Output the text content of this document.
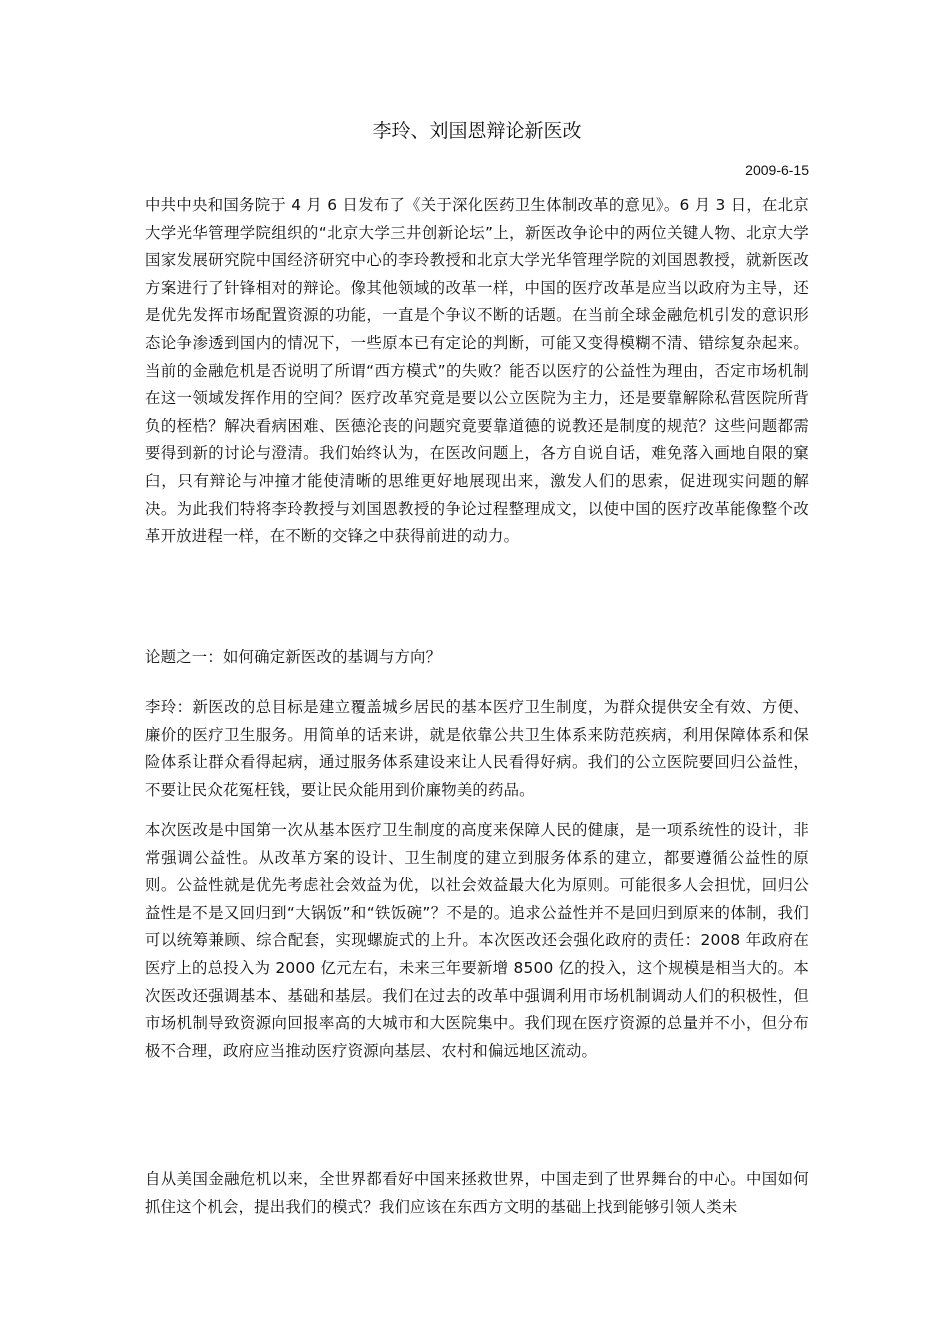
李玲、刘国恩辩论新医改
2009-6-15

中共中央和国务院于 4 月 6 日发布了《关于深化医药卫生体制改革的意见》。6 月 3 日，在北京大学光华管理学院组织的“北京大学三井创新论坛”上，新医改争论中的两位关键人物、北京大学国家发展研究院中国经济研究中心的李玲教授和北京大学光华管理学院的刘国恩教授，就新医改方案进行了针锋相对的辩论。像其他领域的改革一样，中国的医疗改革是应当以政府为主导，还是优先发挥市场配置资源的功能，一直是个争议不断的话题。在当前全球金融危机引发的意识形态论争渗透到国内的情况下，一些原本已有定论的判断，可能又变得模糊不清、错综复杂起来。当前的金融危机是否说明了所谓“西方模式”的失败？能否以医疗的公益性为理由，否定市场机制在这一领域发挥作用的空间？医疗改革究竟是要以公立医院为主力，还是要靠解除私营医院所背负的桎梏？解决看病困难、医德沦丧的问题究竟要靠道德的说教还是制度的规范？这些问题都需要得到新的讨论与澄清。我们始终认为，在医改问题上，各方自说自话，难免落入画地自限的窠臼，只有辩论与冲撞才能使清晰的思维更好地展现出来，激发人们的思索，促进现实问题的解决。为此我们特将李玲教授与刘国恩教授的争论过程整理成文，以使中国的医疗改革能像整个改革开放进程一样，在不断的交锋之中获得前进的动力。

论题之一：如何确定新医改的基调与方向？

李玲：新医改的总目标是建立覆盖城乡居民的基本医疗卫生制度，为群众提供安全有效、方便、廉价的医疗卫生服务。用简单的话来讲，就是依靠公共卫生体系来防范疾病，利用保障体系和保险体系让群众看得起病，通过服务体系建设来让人民看得好病。我们的公立医院要回归公益性，不要让民众花冤枉钱，要让民众能用到价廉物美的药品。

本次医改是中国第一次从基本医疗卫生制度的高度来保障人民的健康，是一项系统性的设计，非常强调公益性。从改革方案的设计、卫生制度的建立到服务体系的建立，都要遵循公益性的原则。公益性就是优先考虑社会效益为优，以社会效益最大化为原则。可能很多人会担忧，回归公益性是不是又回归到“大锅饭”和“铁饭碗”？不是的。追求公益性并不是回归到原来的体制，我们可以统筹兼顾、综合配套，实现螺旋式的上升。本次医改还会强化政府的责任：2008 年政府在医疗上的总投入为 2000 亿元左右，未来三年要新增 8500 亿的投入，这个规模是相当大的。本次医改还强调基本、基础和基层。我们在过去的改革中强调利用市场机制调动人们的积极性，但市场机制导致资源向回报率高的大城市和大医院集中。我们现在医疗资源的总量并不小，但分布极不合理，政府应当推动医疗资源向基层、农村和偏远地区流动。

自从美国金融危机以来，全世界都看好中国来拯救世界，中国走到了世界舞台的中心。中国如何抓住这个机会，提出我们的模式？我们应该在东西方文明的基础上找到能够引领人类未
